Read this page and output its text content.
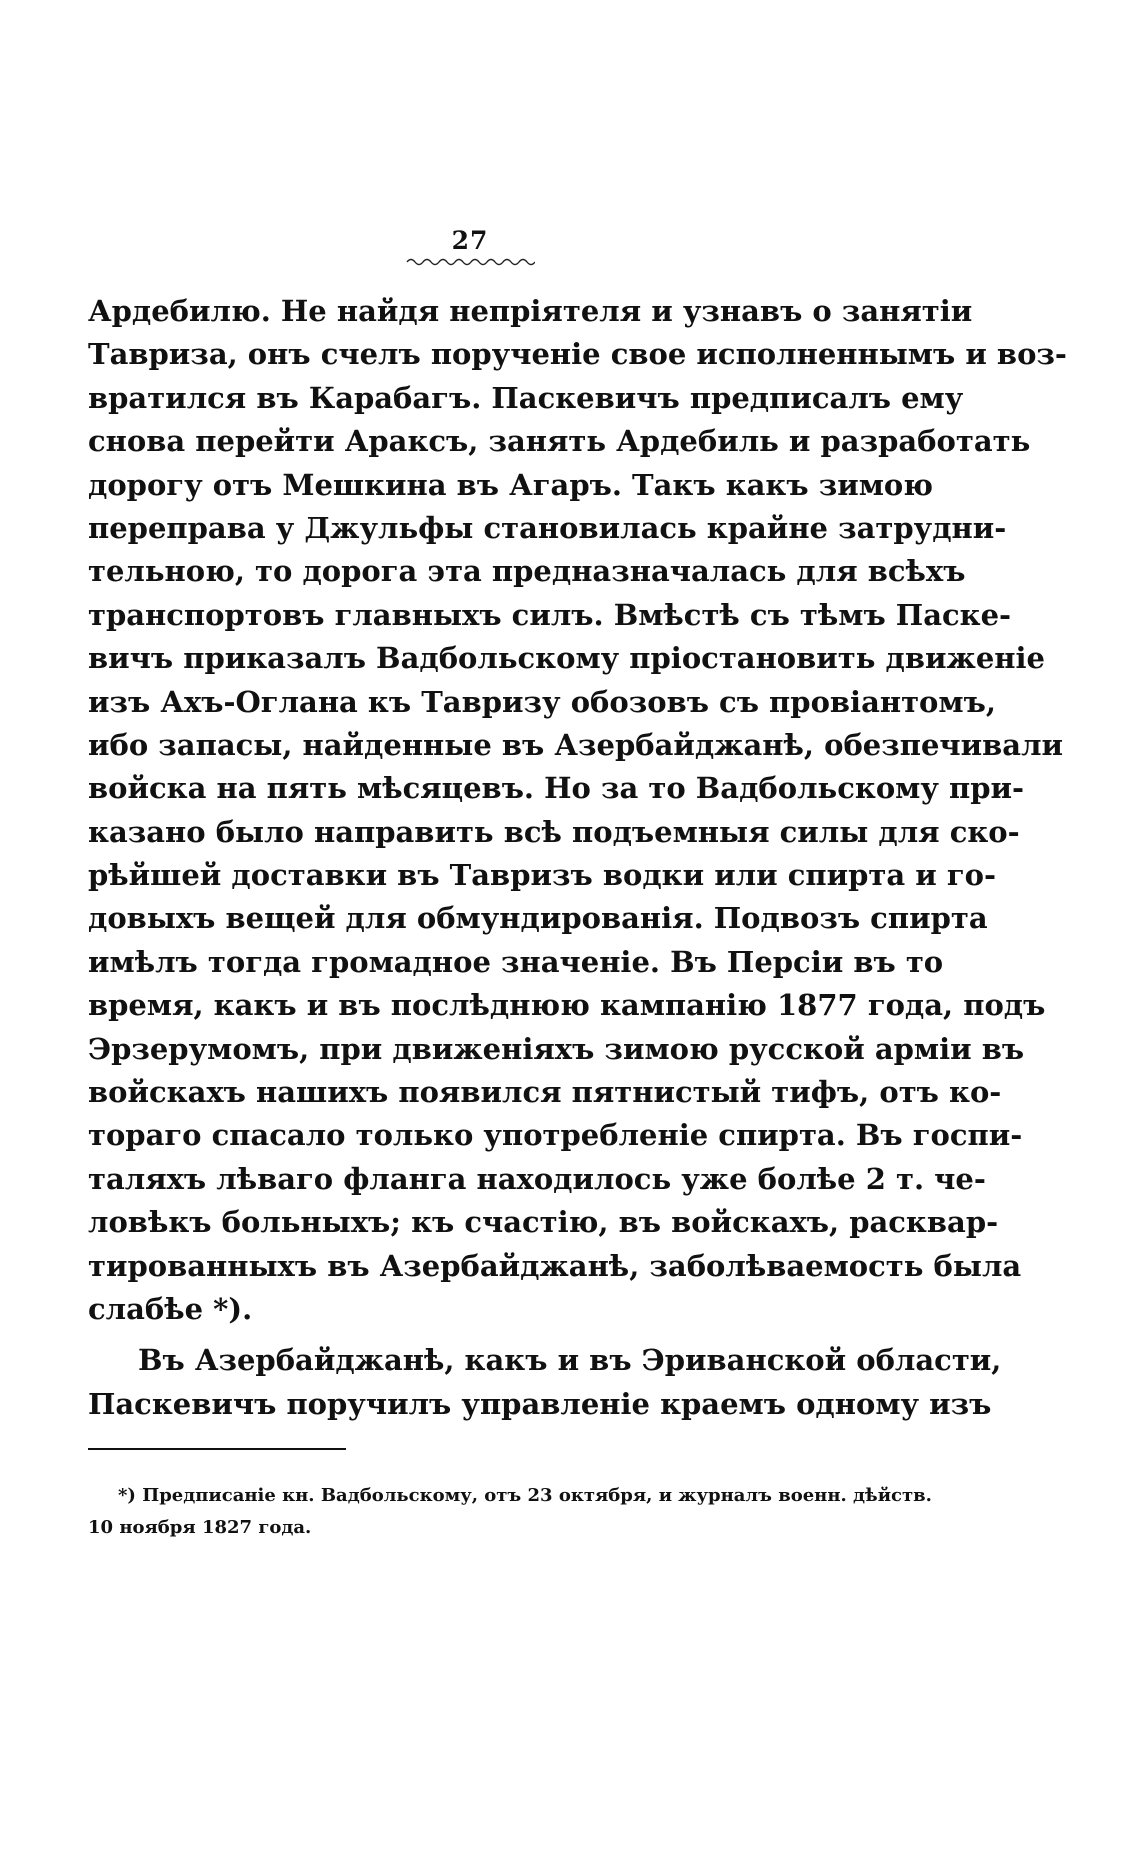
27
Ардебилю. Не найдя непріятеля и узнавъ о занятіи
Тавриза, онъ счелъ порученіе свое исполненнымъ и воз-
вратился въ Карабагъ. Паскевичъ предписалъ ему
снова перейти Араксъ, занять Ардебиль и разработать
дорогу отъ Мешкина въ Агаръ. Такъ какъ зимою
переправа у Джульфы становилась крайне затрудни-
тельною, то дорога эта предназначалась для всѣхъ
транспортовъ главныхъ силъ. Вмѣстѣ съ тѣмъ Паске-
вичъ приказалъ Вадбольскому пріостановить движеніе
изъ Ахъ-Оглана къ Тавризу обозовъ съ провіантомъ,
ибо запасы, найденные въ Азербайджанѣ, обезпечивали
войска на пять мѣсяцевъ. Но за то Вадбольскому при-
казано было направить всѣ подъемныя силы для ско-
рѣйшей доставки въ Тавризъ водки или спирта и го-
довыхъ вещей для обмундированія. Подвозъ спирта
имѣлъ тогда громадное значеніе. Въ Персіи въ то
время, какъ и въ послѣднюю кампанію 1877 года, подъ
Эрзерумомъ, при движеніяхъ зимою русской арміи въ
войскахъ нашихъ появился пятнистый тифъ, отъ ко-
тораго спасало только употребленіе спирта. Въ госпи-
таляхъ лѣваго фланга находилось уже болѣе 2 т. че-
ловѣкъ больныхъ; къ счастію, въ войскахъ, расквар-
тированныхъ въ Азербайджанѣ, заболѣваемость была
слабѣе *).
Въ Азербайджанѣ, какъ и въ Эриванской области,
Паскевичъ поручилъ управленіе краемъ одному изъ
*) Предписаніе кн. Вадбольскому, отъ 23 октября, и журналъ военн. дѣйств.
10 ноября 1827 года.
